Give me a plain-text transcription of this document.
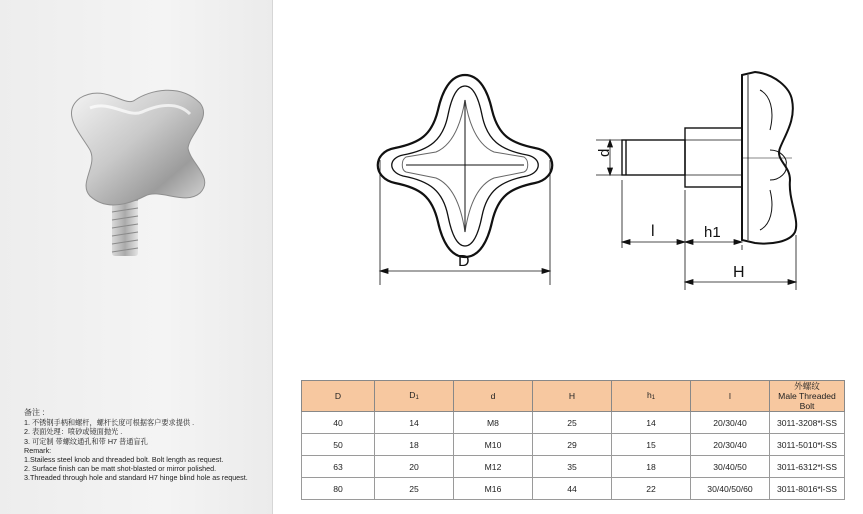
D
d
l	h1
H
备注 :
1. 不锈钢手柄和螺杆，螺杆长度可根据客户要求提供 .
2. 表面处理：喷砂或镜面抛光 .
3. 可定制 带螺纹通孔和带 H7 普通盲孔
Remark:
1.Stailess steel knob and threaded bolt. Bolt length as request.
2. Surface finish can be matt shot-blasted or mirror polished.
3.Threaded through hole and standard H7 hinge blind hole as request.
D	D1	d	H	h1	l	外螺纹
Male Threaded Bolt

40	14	M8	25	14	20/30/40	3011-3208*l-SS
50	18	M10	29	15	20/30/40	3011-5010*l-SS
63	20	M12	35	18	30/40/50	3011-6312*l-SS
80	25	M16	44	22	30/40/50/60	3011-8016*l-SS
